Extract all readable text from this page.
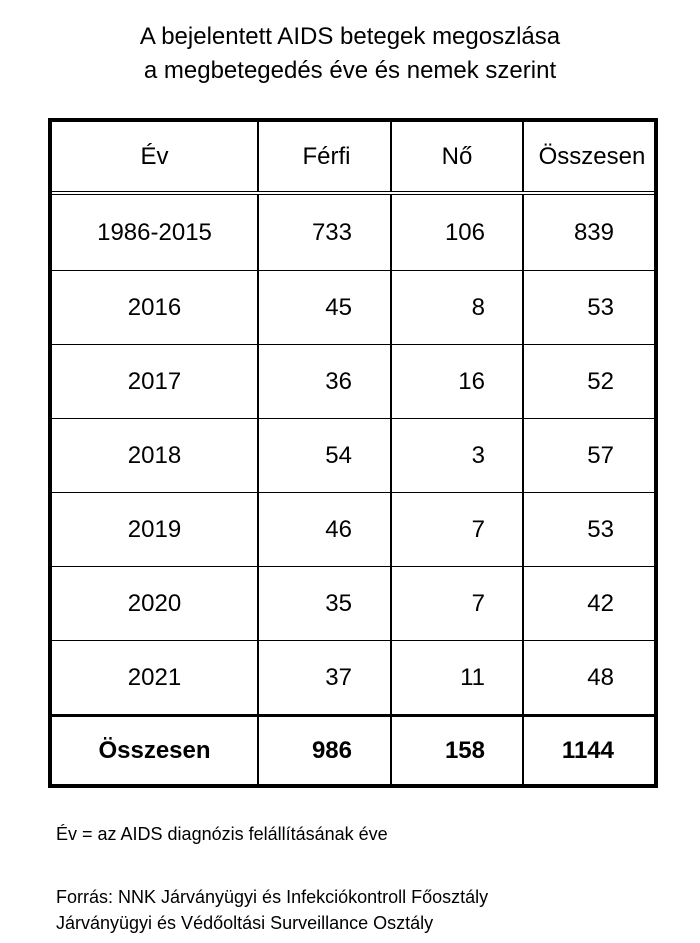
A bejelentett AIDS betegek megoszlása
a megbetegedés éve és nemek szerint
Év	Férfi	Nő	Összesen
1986-2015	733	106	839
2016	45	8	53
2017	36	16	52
2018	54	3	57
2019	46	7	53
2020	35	7	42
2021	37	11	48
Összesen	986	158	1144
Év = az AIDS diagnózis felállításának éve
Forrás: NNK Járványügyi és Infekciókontroll Főosztály
Járványügyi és Védőoltási Surveillance Osztály
